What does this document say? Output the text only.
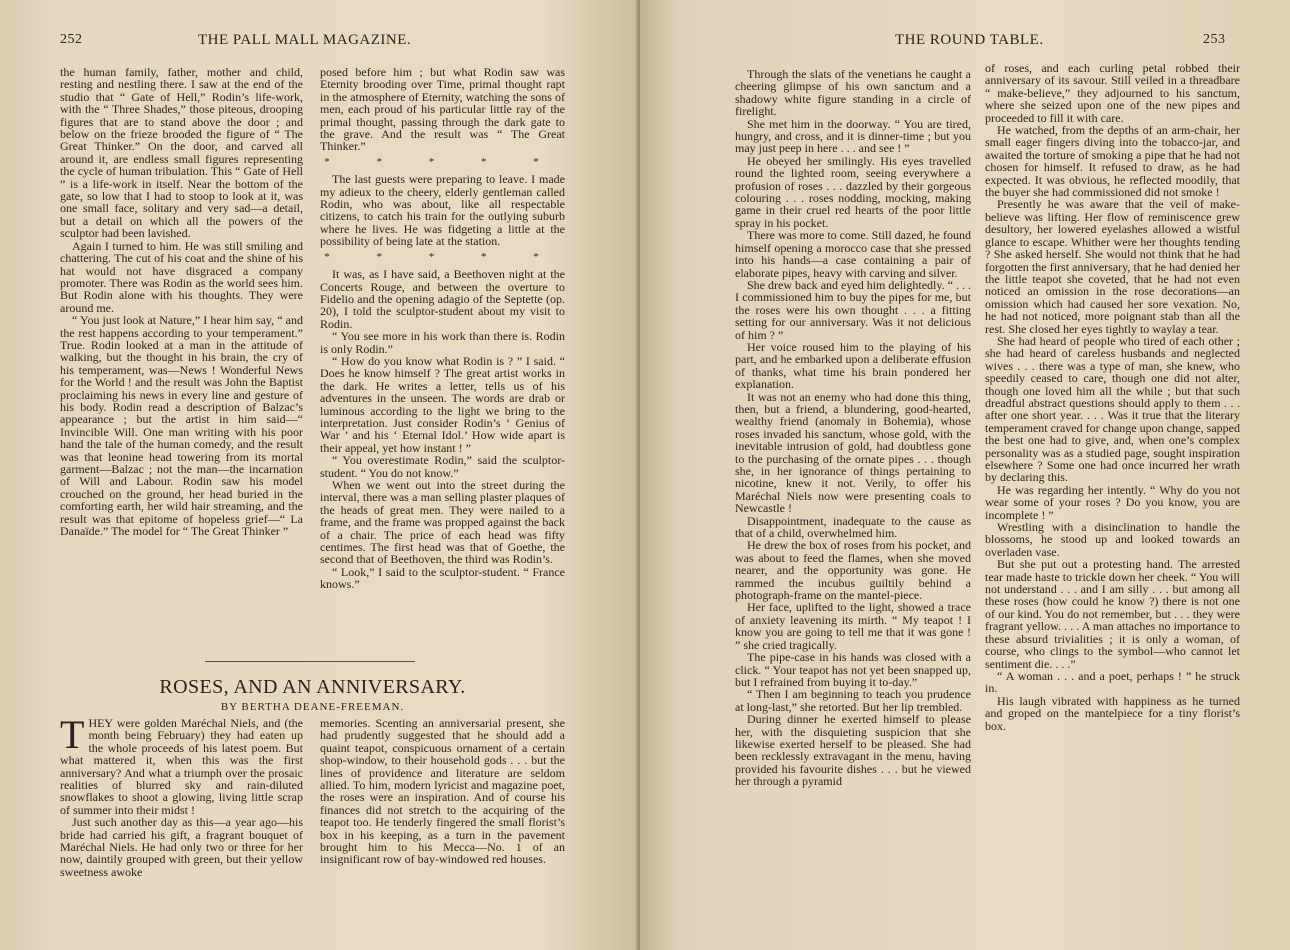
252	THE PALL MALL MAGAZINE.

the human family, father, mother and child, resting and nestling there. I saw at the end of the studio that “ Gate of Hell,” Rodin’s life-work, with the “ Three Shades,” those piteous, drooping figures that are to stand above the door ; and below on the frieze brooded the figure of “ The Great Thinker.” On the door, and carved all around it, are endless small figures representing the cycle of human tribulation. This “ Gate of Hell ” is a life-work in itself. Near the bottom of the gate, so low that I had to stoop to look at it, was one small face, solitary and very sad—a detail, but a detail on which all the powers of the sculptor had been lavished.

Again I turned to him. He was still smiling and chattering. The cut of his coat and the shine of his hat would not have disgraced a company promoter. There was Rodin as the world sees him. But Rodin alone with his thoughts. They were around me.

“ You just look at Nature,” I hear him say, “ and the rest happens according to your temperament.” True. Rodin looked at a man in the attitude of walking, but the thought in his brain, the cry of his temperament, was—News ! Wonderful News for the World ! and the result was John the Baptist proclaiming his news in every line and gesture of his body. Rodin read a description of Balzac’s appearance ; but the artist in him said—“ Invincible Will. One man writing with his poor hand the tale of the human comedy, and the result was that leonine head towering from its mortal garment—Balzac ; not the man—the incarnation of Will and Labour. Rodin saw his model crouched on the ground, her head buried in the comforting earth, her wild hair streaming, and the result was that epitome of hopeless grief—“ La Danaïde.” The model for “ The Great Thinker ”

posed before him ; but what Rodin saw was Eternity brooding over Time, primal thought rapt in the atmosphere of Eternity, watching the sons of men, each proud of his particular little ray of the primal thought, passing through the dark gate to the grave. And the result was “ The Great Thinker.”

* * * * *

The last guests were preparing to leave. I made my adieux to the cheery, elderly gentleman called Rodin, who was about, like all respectable citizens, to catch his train for the outlying suburb where he lives. He was fidgeting a little at the possibility of being late at the station.

* * * * *

It was, as I have said, a Beethoven night at the Concerts Rouge, and between the overture to Fidelio and the opening adagio of the Septette (op. 20), I told the sculptor-student about my visit to Rodin.

“ You see more in his work than there is. Rodin is only Rodin.”

“ How do you know what Rodin is ? ” I said. “ Does he know himself ? The great artist works in the dark. He writes a letter, tells us of his adventures in the unseen. The words are drab or luminous according to the light we bring to the interpretation. Just consider Rodin’s ‘ Genius of War ’ and his ‘ Eternal Idol.’ How wide apart is their appeal, yet how instant ! ”

“ You overestimate Rodin,” said the sculptor-student. “ You do not know.”

When we went out into the street during the interval, there was a man selling plaster plaques of the heads of great men. They were nailed to a frame, and the frame was propped against the back of a chair. The price of each head was fifty centimes. The first head was that of Goethe, the second that of Beethoven, the third was Rodin’s.

“ Look,” I said to the sculptor-student. “ France knows.”

ROSES, AND AN ANNIVERSARY.
BY BERTHA DEANE-FREEMAN.
T HEY were golden Maréchal Niels, and (the month being February) they had eaten up the whole proceeds of his latest poem. But what mattered it, when this was the first anniversary? And what a triumph over the prosaic realities of blurred sky and rain-diluted snowflakes to shoot a glowing, living little scrap of summer into their midst !

Just such another day as this—a year ago—his bride had carried his gift, a fragrant bouquet of Maréchal Niels. He had only two or three for her now, daintily grouped with green, but their yellow sweetness awoke

memories. Scenting an anniversarial present, she had prudently suggested that he should add a quaint teapot, conspicuous ornament of a certain shop-window, to their household gods . . . but the lines of providence and literature are seldom allied. To him, modern lyricist and magazine poet, the roses were an inspiration. And of course his finances did not stretch to the acquiring of the teapot too. He tenderly fingered the small florist’s box in his keeping, as a turn in the pavement brought him to his Mecca—No. 1 of an insignificant row of bay-windowed red houses.

THE ROUND TABLE.	253

Through the slats of the venetians he caught a cheering glimpse of his own sanctum and a shadowy white figure standing in a circle of firelight.

She met him in the doorway. “ You are tired, hungry, and cross, and it is dinner-time ; but you may just peep in here . . . and see ! ”

He obeyed her smilingly. His eyes travelled round the lighted room, seeing everywhere a profusion of roses . . . dazzled by their gorgeous colouring . . . roses nodding, mocking, making game in their cruel red hearts of the poor little spray in his pocket.

There was more to come. Still dazed, he found himself opening a morocco case that she pressed into his hands—a case containing a pair of elaborate pipes, heavy with carving and silver.

She drew back and eyed him delightedly. “ . . . I commissioned him to buy the pipes for me, but the roses were his own thought . . . a fitting setting for our anniversary. Was it not delicious of him ? ”

Her voice roused him to the playing of his part, and he embarked upon a deliberate effusion of thanks, what time his brain pondered her explanation.

It was not an enemy who had done this thing, then, but a friend, a blundering, good-hearted, wealthy friend (anomaly in Bohemia), whose roses invaded his sanctum, whose gold, with the inevitable intrusion of gold, had doubtless gone to the purchasing of the ornate pipes . . . though she, in her ignorance of things pertaining to nicotine, knew it not. Verily, to offer his Maréchal Niels now were presenting coals to Newcastle !

Disappointment, inadequate to the cause as that of a child, overwhelmed him.

He drew the box of roses from his pocket, and was about to feed the flames, when she moved nearer, and the opportunity was gone. He rammed the incubus guiltily behind a photograph-frame on the mantel-piece.

Her face, uplifted to the light, showed a trace of anxiety leavening its mirth. “ My teapot ! I know you are going to tell me that it was gone ! ” she cried tragically.

The pipe-case in his hands was closed with a click. “ Your teapot has not yet been snapped up, but I refrained from buying it to-day.”

“ Then I am beginning to teach you prudence at long-last,” she retorted. But her lip trembled.

During dinner he exerted himself to please her, with the disquieting suspicion that she likewise exerted herself to be pleased. She had been recklessly extravagant in the menu, having provided his favourite dishes . . . but he viewed her through a pyramid

of roses, and each curling petal robbed their anniversary of its savour. Still veiled in a threadbare “ make-believe,” they adjourned to his sanctum, where she seized upon one of the new pipes and proceeded to fill it with care.

He watched, from the depths of an arm-chair, her small eager fingers diving into the tobacco-jar, and awaited the torture of smoking a pipe that he had not chosen for himself. It refused to draw, as he had expected. It was obvious, he reflected moodily, that the buyer she had commissioned did not smoke !

Presently he was aware that the veil of make-believe was lifting. Her flow of reminiscence grew desultory, her lowered eyelashes allowed a wistful glance to escape. Whither were her thoughts tending ? She asked herself. She would not think that he had forgotten the first anniversary, that he had denied her the little teapot she coveted, that he had not even noticed an omission in the rose decorations—an omission which had caused her sore vexation. No, he had not noticed, more poignant stab than all the rest. She closed her eyes tightly to waylay a tear.

She had heard of people who tired of each other ; she had heard of careless husbands and neglected wives . . . there was a type of man, she knew, who speedily ceased to care, though one did not alter, though one loved him all the while ; but that such dreadful abstract questions should apply to them . . . after one short year. . . . Was it true that the literary temperament craved for change upon change, sapped the best one had to give, and, when one’s complex personality was as a studied page, sought inspiration elsewhere ? Some one had once incurred her wrath by declaring this.

He was regarding her intently. “ Why do you not wear some of your roses ? Do you know, you are incomplete ! ”

Wrestling with a disinclination to handle the blossoms, he stood up and looked towards an overladen vase.

But she put out a protesting hand. The arrested tear made haste to trickle down her cheek. “ You will not understand . . . and I am silly . . . but among all these roses (how could he know ?) there is not one of our kind. You do not remember, but . . . they were fragrant yellow. . . . A man attaches no importance to these absurd trivialities ; it is only a woman, of course, who clings to the symbol—who cannot let sentiment die. . . .”

“ A woman . . . and a poet, perhaps ! ” he struck in.

His laugh vibrated with happiness as he turned and groped on the mantelpiece for a tiny florist’s box.
